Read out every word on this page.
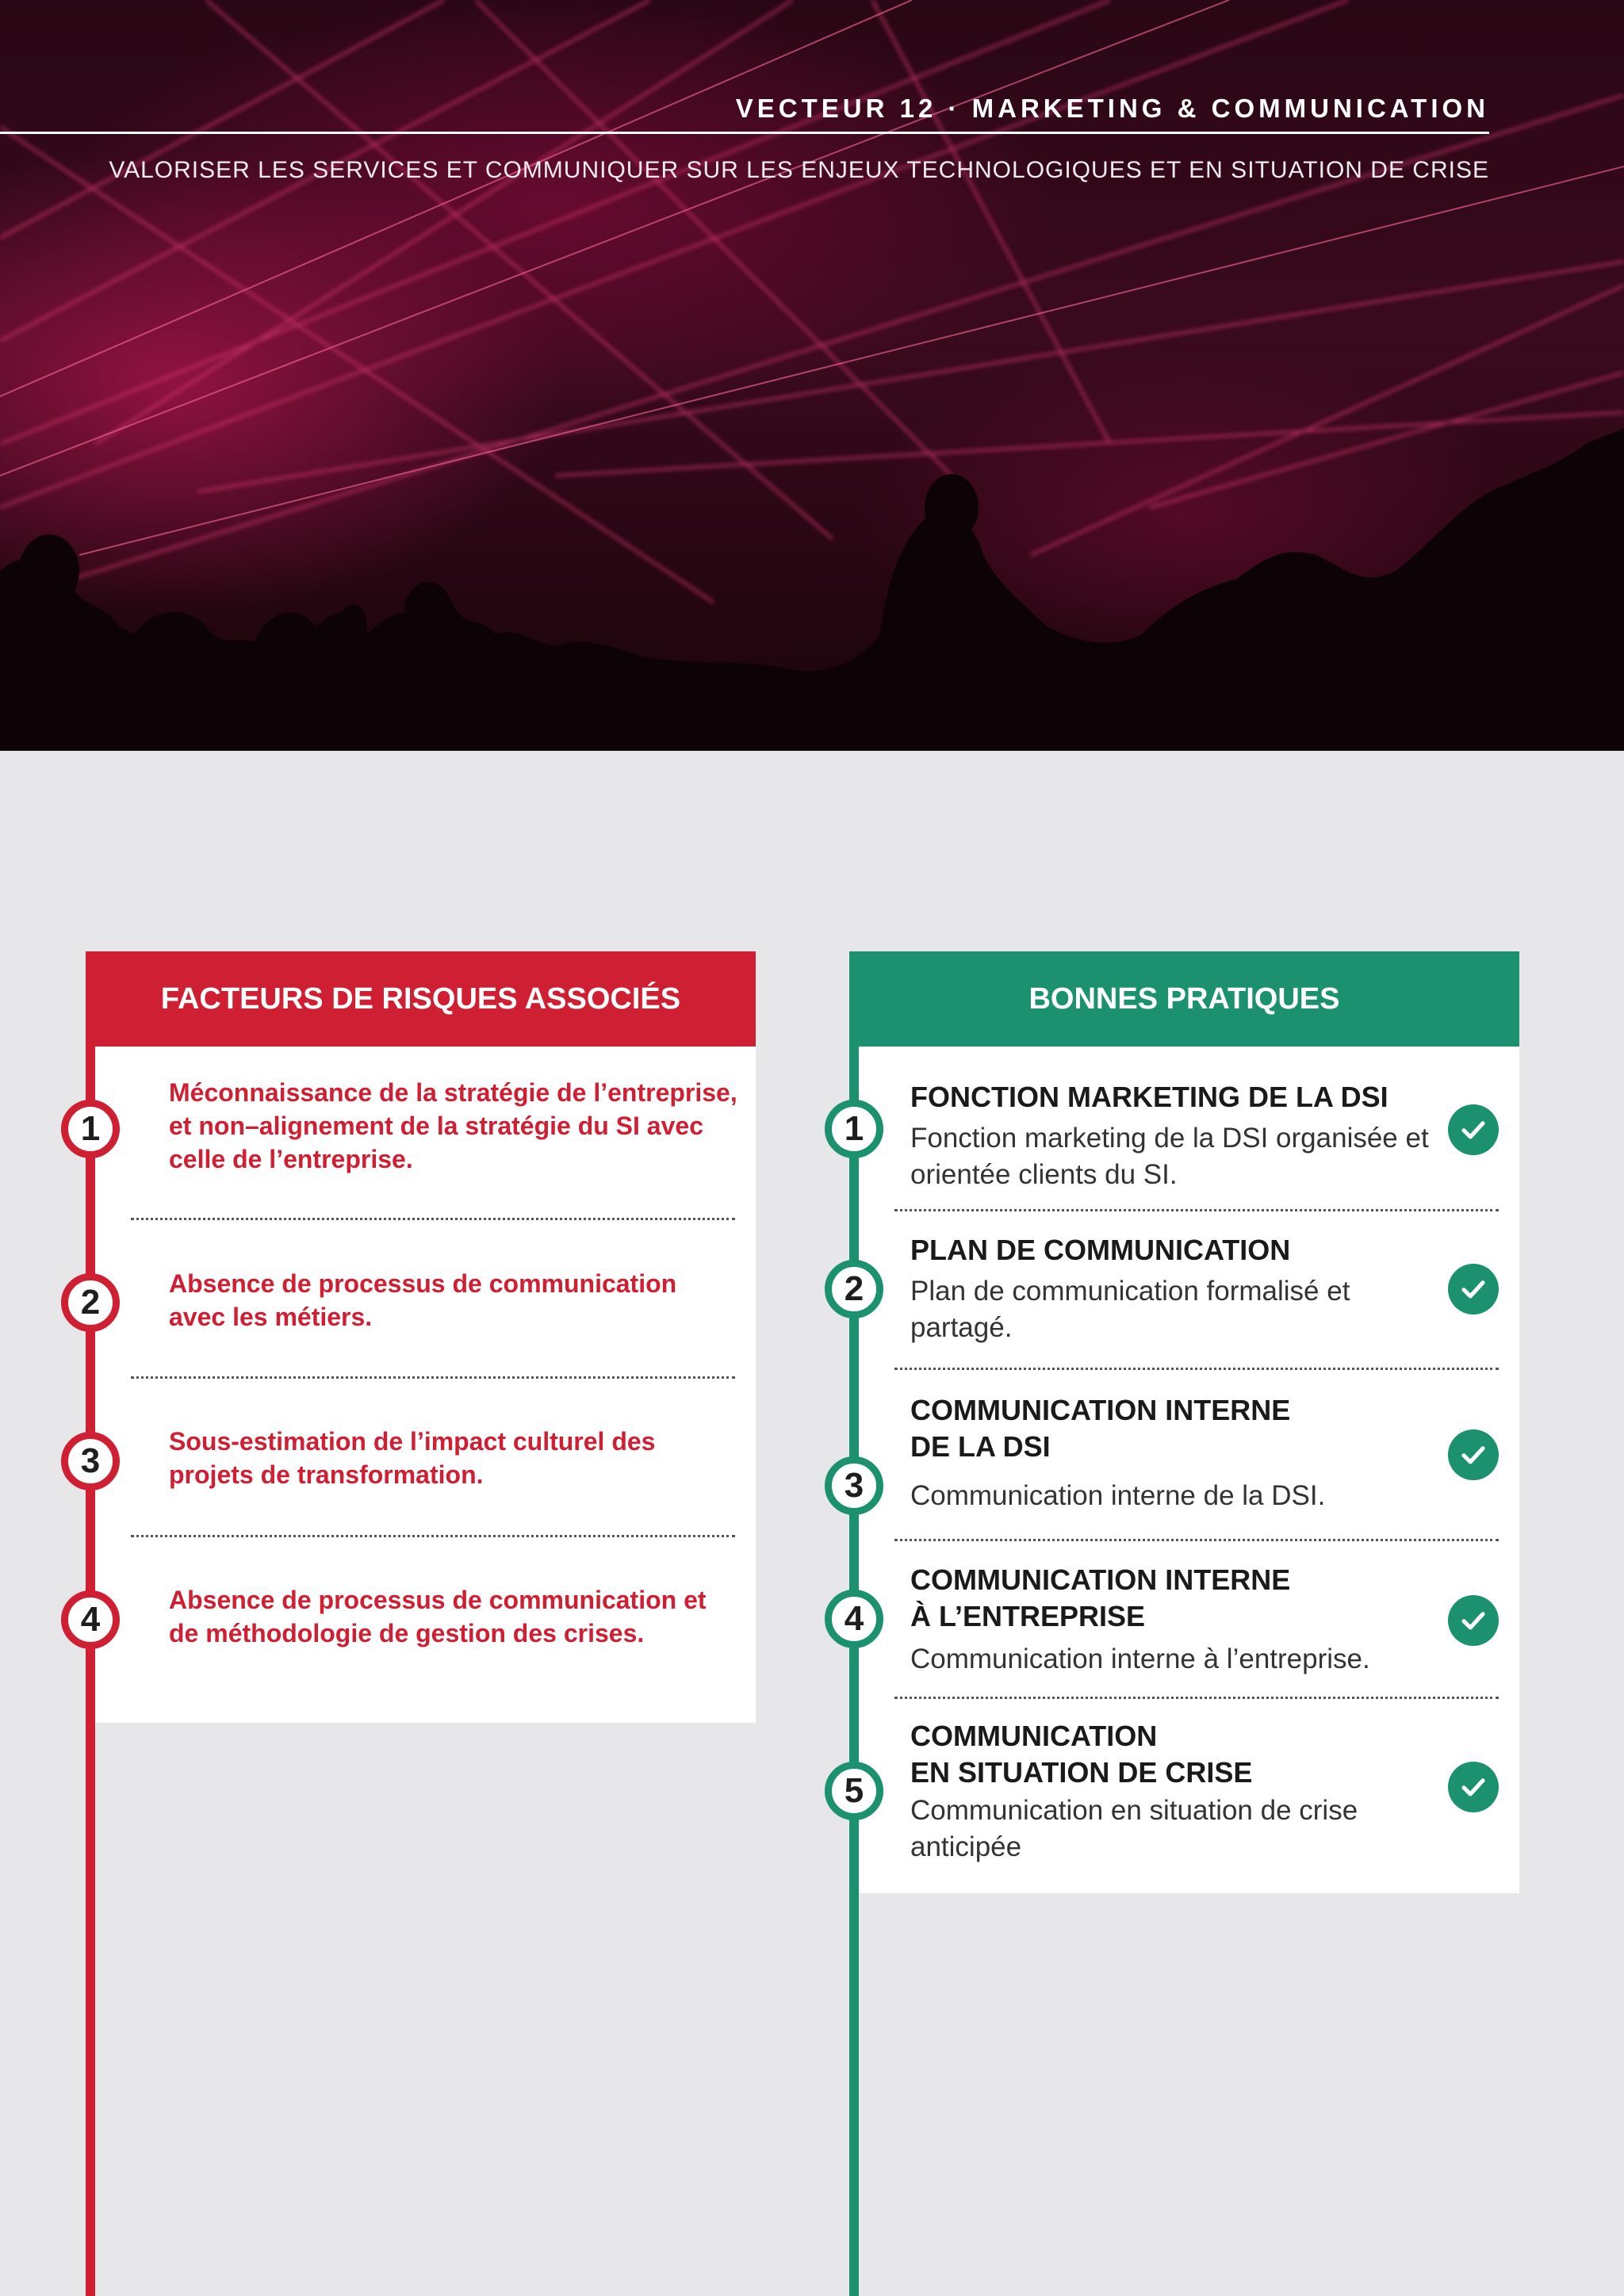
VECTEUR 12 · MARKETING & COMMUNICATION
VALORISER LES SERVICES ET COMMUNIQUER SUR LES ENJEUX TECHNOLOGIQUES ET EN SITUATION DE CRISE
FACTEURS DE RISQUES ASSOCIÉS
1
Méconnaissance de la stratégie de l’entreprise, et non–alignement de la stratégie du SI avec celle de l’entreprise.
2	Absence de processus de communication avec les métiers.
3	Sous-estimation de l’impact culturel des projets de transformation.
4	Absence de processus de communication et de méthodologie de gestion des crises.
BONNES PRATIQUES
1
FONCTION MARKETING DE LA DSI
Fonction marketing de la DSI organisée et orientée clients du SI.
2
PLAN DE COMMUNICATION
Plan de communication formalisé et partagé.
3
COMMUNICATION INTERNE
DE LA DSI
Communication interne de la DSI.
4
COMMUNICATION INTERNE
À L’ENTREPRISE
Communication interne à l’entreprise.
5
COMMUNICATION
EN SITUATION DE CRISE
Communication en situation de crise anticipée
